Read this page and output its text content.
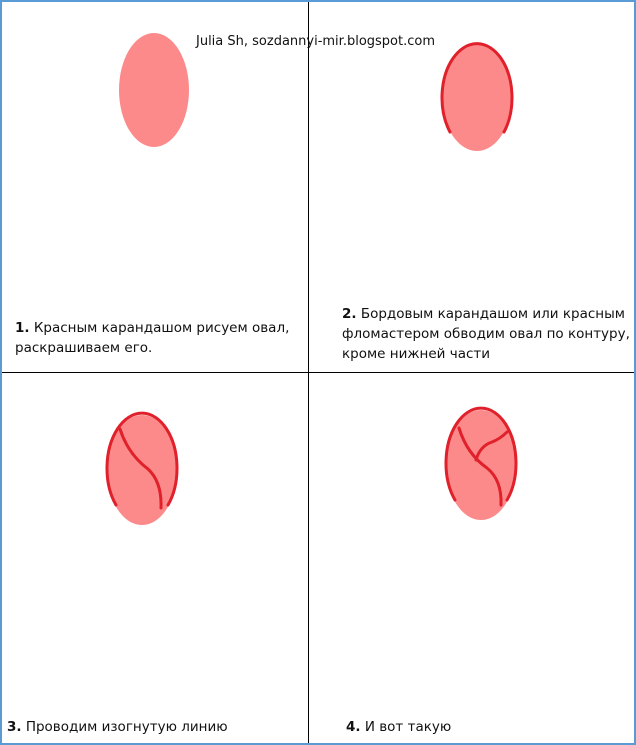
Julia Sh, sozdannyi-mir.blogspot.com
1. Красным карандашом рисуем овал, раскрашиваем его.
2. Бордовым карандашом или красным фломастером обводим овал по контуру, кроме нижней части
3. Проводим изогнутую линию	4. И вот такую
